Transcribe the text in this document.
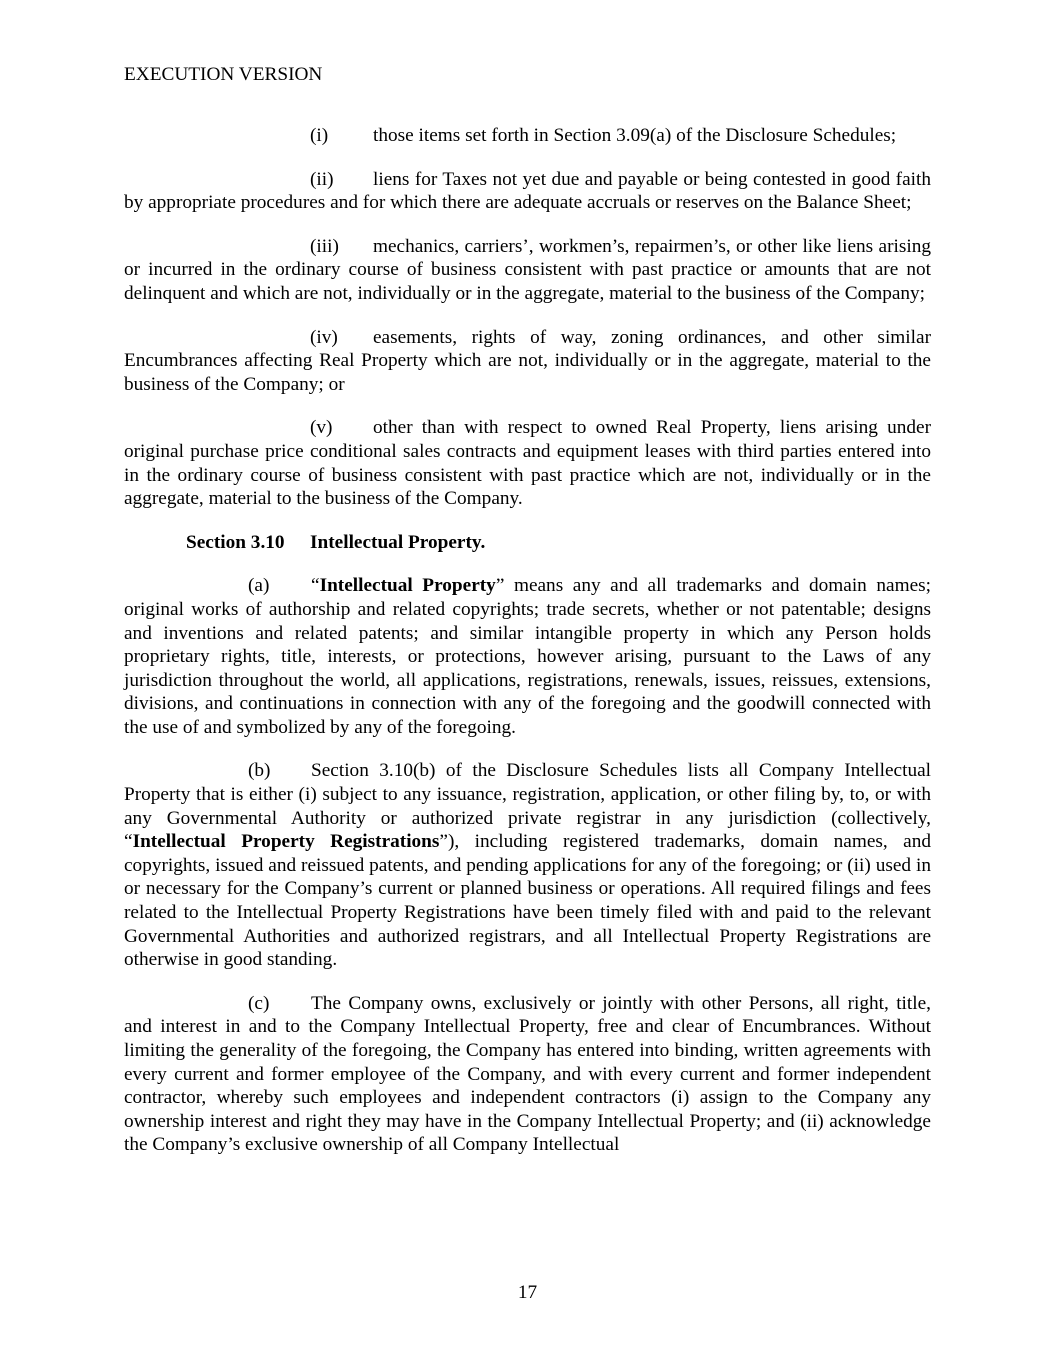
EXECUTION VERSION

(i) those items set forth in Section 3.09(a) of the Disclosure Schedules;

(ii) liens for Taxes not yet due and payable or being contested in good faith by appropriate procedures and for which there are adequate accruals or reserves on the Balance Sheet;

(iii) mechanics, carriers’, workmen’s, repairmen’s, or other like liens arising or incurred in the ordinary course of business consistent with past practice or amounts that are not delinquent and which are not, individually or in the aggregate, material to the business of the Company;

(iv) easements, rights of way, zoning ordinances, and other similar Encumbrances affecting Real Property which are not, individually or in the aggregate, material to the business of the Company; or

(v) other than with respect to owned Real Property, liens arising under original purchase price conditional sales contracts and equipment leases with third parties entered into in the ordinary course of business consistent with past practice which are not, individually or in the aggregate, material to the business of the Company.

Section 3.10 Intellectual Property.

(a) “Intellectual Property” means any and all trademarks and domain names; original works of authorship and related copyrights; trade secrets, whether or not patentable; designs and inventions and related patents; and similar intangible property in which any Person holds proprietary rights, title, interests, or protections, however arising, pursuant to the Laws of any jurisdiction throughout the world, all applications, registrations, renewals, issues, reissues, extensions, divisions, and continuations in connection with any of the foregoing and the goodwill connected with the use of and symbolized by any of the foregoing.

(b) Section 3.10(b) of the Disclosure Schedules lists all Company Intellectual Property that is either (i) subject to any issuance, registration, application, or other filing by, to, or with any Governmental Authority or authorized private registrar in any jurisdiction (collectively, “Intellectual Property Registrations”), including registered trademarks, domain names, and copyrights, issued and reissued patents, and pending applications for any of the foregoing; or (ii) used in or necessary for the Company’s current or planned business or operations. All required filings and fees related to the Intellectual Property Registrations have been timely filed with and paid to the relevant Governmental Authorities and authorized registrars, and all Intellectual Property Registrations are otherwise in good standing.

(c) The Company owns, exclusively or jointly with other Persons, all right, title, and interest in and to the Company Intellectual Property, free and clear of Encumbrances. Without limiting the generality of the foregoing, the Company has entered into binding, written agreements with every current and former employee of the Company, and with every current and former independent contractor, whereby such employees and independent contractors (i) assign to the Company any ownership interest and right they may have in the Company Intellectual Property; and (ii) acknowledge the Company’s exclusive ownership of all Company Intellectual

17
